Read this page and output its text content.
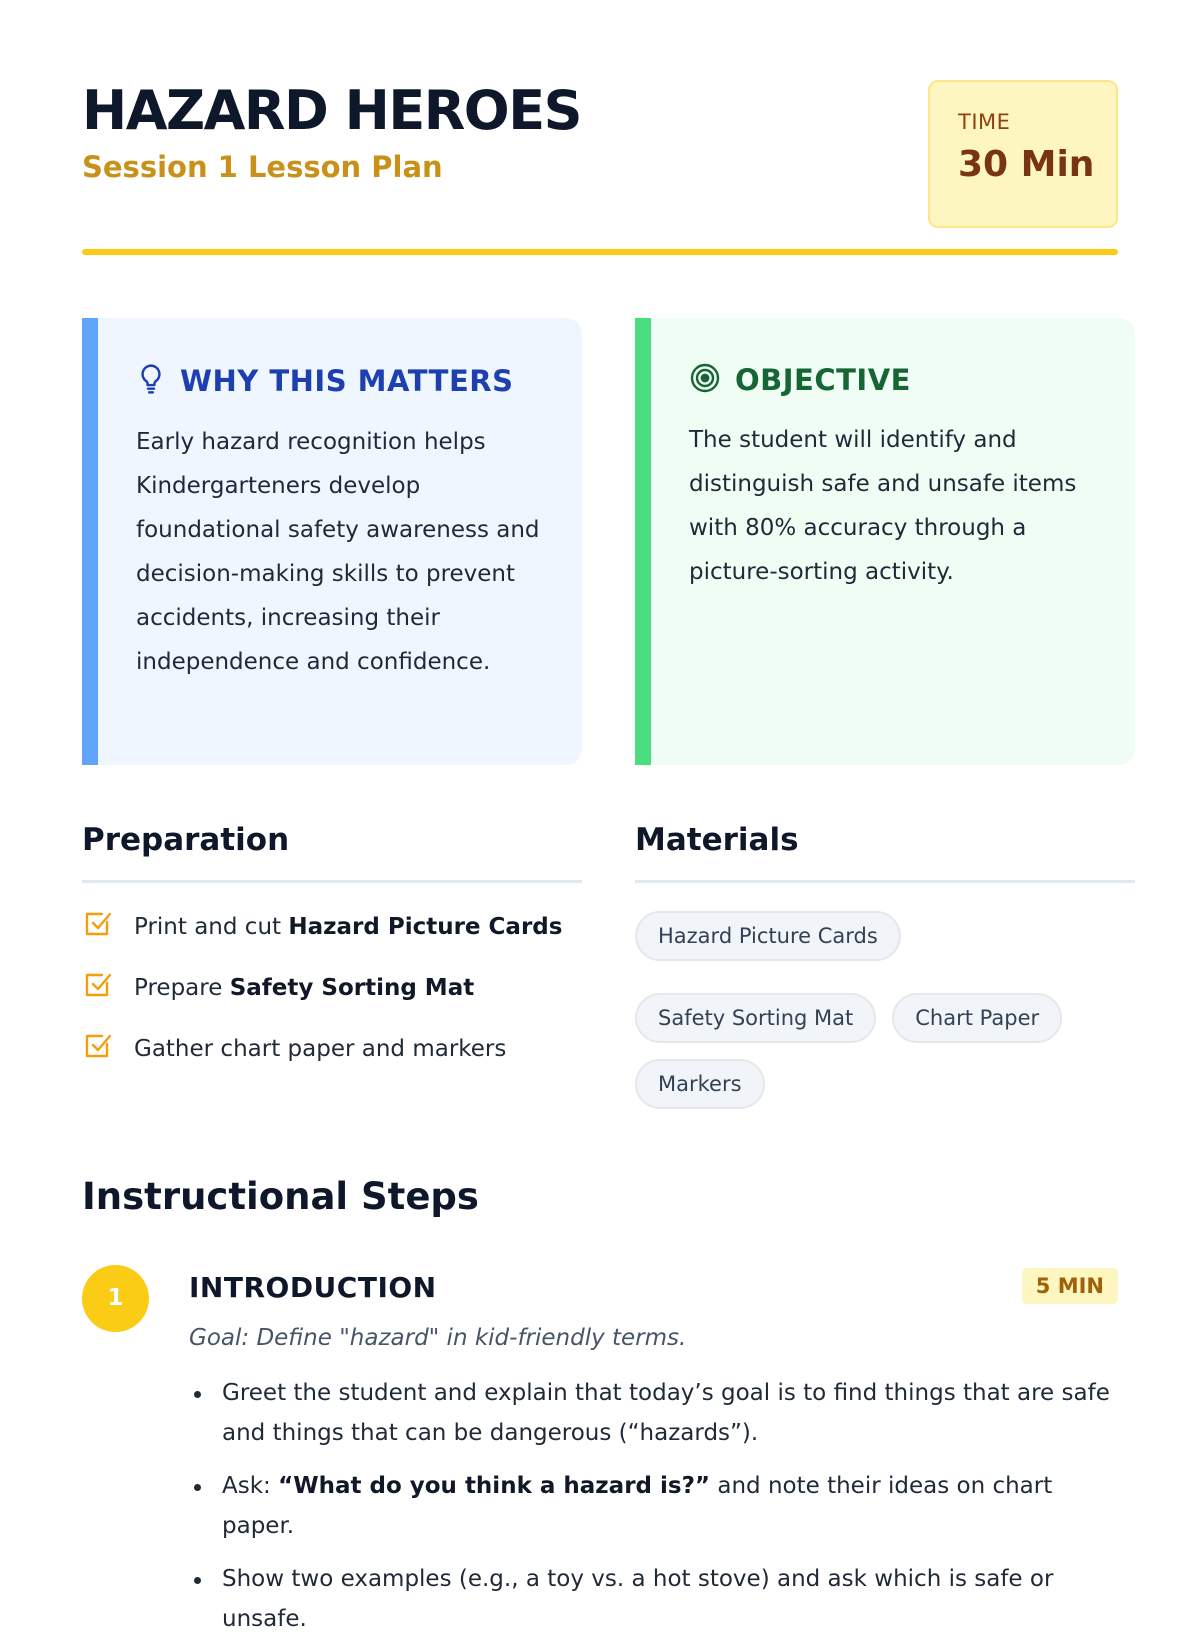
HAZARD HEROES
Session 1 Lesson Plan
TIME
30 Min
WHY THIS MATTERS

Early hazard recognition helps Kindergarteners develop foundational safety awareness and decision-making skills to prevent accidents, increasing their independence and confidence.

OBJECTIVE

The student will identify and distinguish safe and unsafe items with 80% accuracy through a picture-sorting activity.

Preparation
Print and cut Hazard Picture Cards
Prepare Safety Sorting Mat
Gather chart paper and markers
Materials
Hazard Picture Cards
Safety Sorting Mat	Chart Paper
Markers
Instructional Steps
1	INTRODUCTION	5 MIN
Goal: Define "hazard" in kid-friendly terms.
Greet the student and explain that today’s goal is to find things that are safe and things that can be dangerous (“hazards”).
Ask: “What do you think a hazard is?” and note their ideas on chart paper.
Show two examples (e.g., a toy vs. a hot stove) and ask which is safe or unsafe.
